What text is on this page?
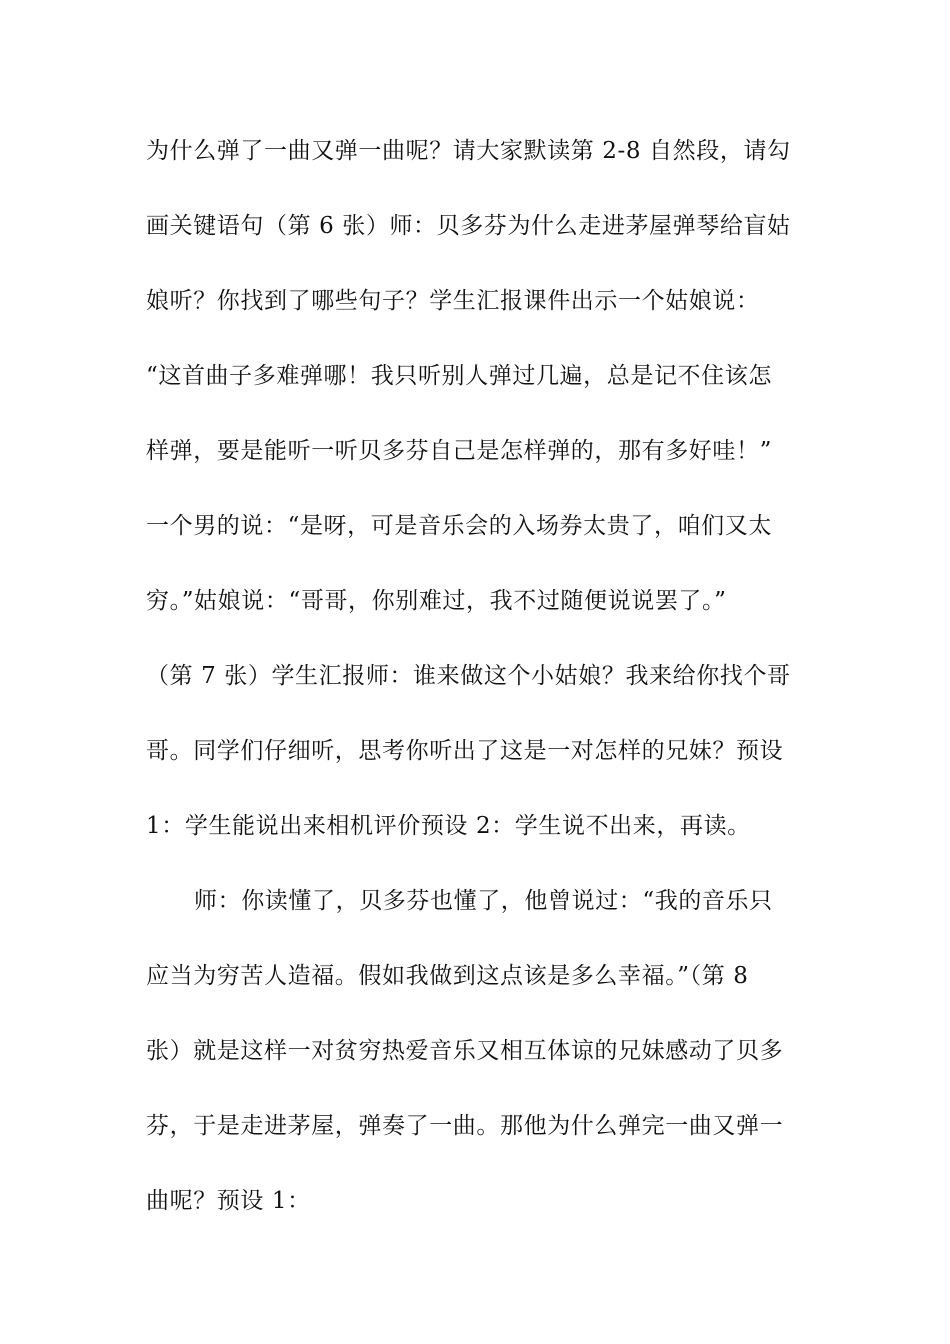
为什么弹了一曲又弹一曲呢？请大家默读第 2-8 自然段，请勾
画关键语句（第 6 张）师：贝多芬为什么走进茅屋弹琴给盲姑
娘听？你找到了哪些句子？学生汇报课件出示一个姑娘说：
“这首曲子多难弹哪！我只听别人弹过几遍，总是记不住该怎
样弹，要是能听一听贝多芬自己是怎样弹的，那有多好哇！”
一个男的说：“是呀，可是音乐会的入场券太贵了，咱们又太
穷。”姑娘说：“哥哥，你别难过，我不过随便说说罢了。”
（第 7 张）学生汇报师：谁来做这个小姑娘？我来给你找个哥
哥。同学们仔细听，思考你听出了这是一对怎样的兄妹？预设
1：学生能说出来相机评价预设 2：学生说不出来，再读。
师：你读懂了，贝多芬也懂了，他曾说过：“我的音乐只
应当为穷苦人造福。假如我做到这点该是多么幸福。”（第 8
张）就是这样一对贫穷热爱音乐又相互体谅的兄妹感动了贝多
芬，于是走进茅屋，弹奏了一曲。那他为什么弹完一曲又弹一
曲呢？预设 1：
